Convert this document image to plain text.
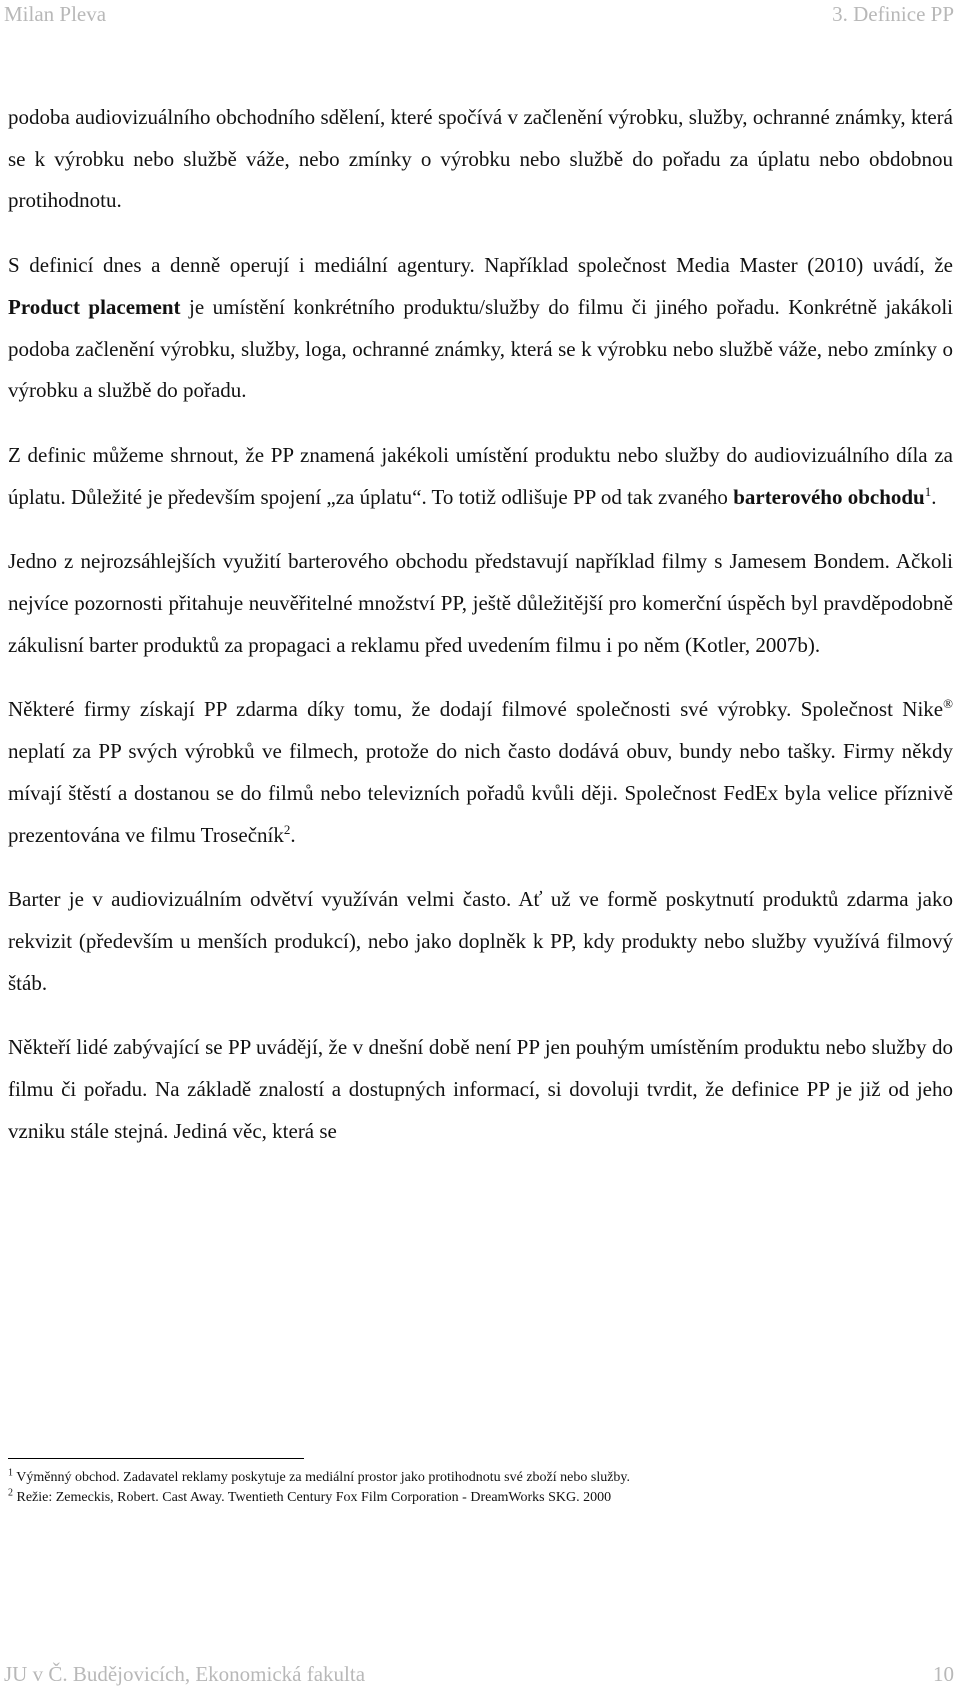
Milan Pleva	3. Definice PP

podoba audiovizuálního obchodního sdělení, které spočívá v začlenění výrobku, služby, ochranné známky, která se k výrobku nebo službě váže, nebo zmínky o výrobku nebo službě do pořadu za úplatu nebo obdobnou protihodnotu.

S definicí dnes a denně operují i mediální agentury. Například společnost Media Master (2010) uvádí, že Product placement je umístění konkrétního produktu/služby do filmu či jiného pořadu. Konkrétně jakákoli podoba začlenění výrobku, služby, loga, ochranné známky, která se k výrobku nebo službě váže, nebo zmínky o výrobku a službě do pořadu.

Z definic můžeme shrnout, že PP znamená jakékoli umístění produktu nebo služby do audiovizuálního díla za úplatu. Důležité je především spojení „za úplatu“. To totiž odlišuje PP od tak zvaného barterového obchodu$^1$.

Jedno z nejrozsáhlejších využití barterového obchodu představují například filmy s Jamesem Bondem. Ačkoli nejvíce pozornosti přitahuje neuvěřitelné množství PP, ještě důležitější pro komerční úspěch byl pravděpodobně zákulisní barter produktů za propagaci a reklamu před uvedením filmu i po něm (Kotler, 2007b).

Některé firmy získají PP zdarma díky tomu, že dodají filmové společnosti své výrobky. Společnost Nike® neplatí za PP svých výrobků ve filmech, protože do nich často dodává obuv, bundy nebo tašky. Firmy někdy mívají štěstí a dostanou se do filmů nebo televizních pořadů kvůli ději. Společnost FedEx byla velice příznivě prezentována ve filmu Trosečník$^2$.

Barter je v audiovizuálním odvětví využíván velmi často. Ať už ve formě poskytnutí produktů zdarma jako rekvizit (především u menších produkcí), nebo jako doplněk k PP, kdy produkty nebo služby využívá filmový štáb.

Někteří lidé zabývající se PP uvádějí, že v dnešní době není PP jen pouhým umístěním produktu nebo služby do filmu či pořadu. Na základě znalostí a dostupných informací, si dovoluji tvrdit, že definice PP je již od jeho vzniku stále stejná. Jediná věc, která se

$^1$ Výměnný obchod. Zadavatel reklamy poskytuje za mediální prostor jako protihodnotu své zboží nebo služby.
$^2$ Režie: Zemeckis, Robert. Cast Away. Twentieth Century Fox Film Corporation - DreamWorks SKG. 2000
JU v Č. Budějovicích, Ekonomická fakulta	10
